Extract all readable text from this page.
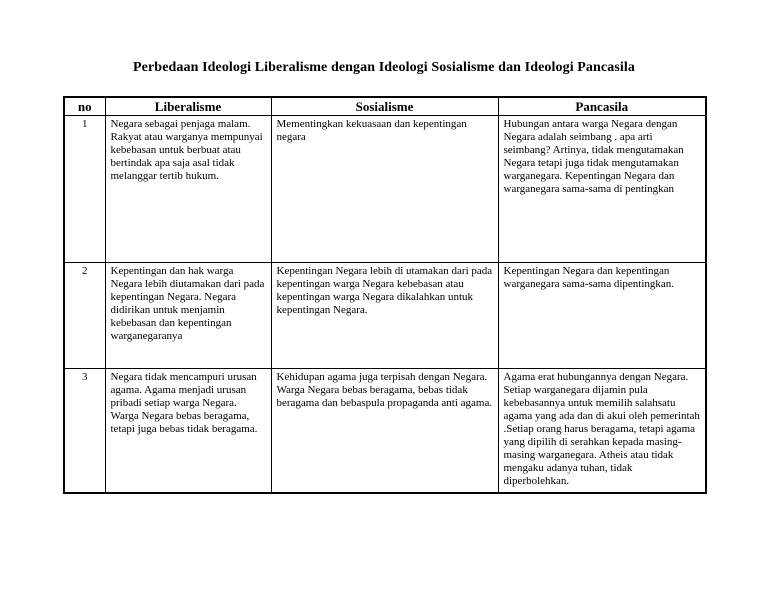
Perbedaan Ideologi Liberalisme dengan Ideologi Sosialisme dan Ideologi Pancasila
no	Liberalisme	Sosialisme	Pancasila
1	Negara sebagai penjaga malam. Rakyat atau warganya mempunyai kebebasan untuk berbuat atau bertindak apa saja asal tidak melanggar tertib hukum.	Mementingkan kekuasaan dan kepentingan negara	Hubungan antara warga Negara dengan Negara adalah seimbang . apa arti seimbang? Artinya, tidak mengutamakan Negara tetapi juga tidak mengutamakan warganegara. Kepentingan Negara dan warganegara sama-sama di pentingkan
2	Kepentingan dan hak warga Negara lebih diutamakan dari pada kepentingan Negara. Negara didirikan untuk menjamin kebebasan dan kepentingan warganegaranya	Kepentingan Negara lebih di utamakan dari pada kepentingan warga Negara kebebasan atau kepentingan warga Negara dikalahkan untuk kepentingan Negara.	Kepentingan Negara dan kepentingan warganegara sama-sama dipentingkan.
3	Negara tidak mencampuri urusan agama. Agama menjadi urusan pribadi setiap warga Negara. Warga Negara bebas beragama, tetapi juga bebas tidak beragama.	Kehidupan agama juga terpisah dengan Negara. Warga Negara bebas beragama, bebas tidak beragama dan bebaspula propaganda anti agama.	Agama erat hubungannya dengan Negara. Setiap warganegara dijamin pula kebebasannya untuk memilih salahsatu agama yang ada dan di akui oleh pemerintah .Setiap orang harus beragama, tetapi agama yang dipilih di serahkan kepada masing-masing warganegara. Atheis atau tidak mengaku adanya tuhan, tidak diperbolehkan.
